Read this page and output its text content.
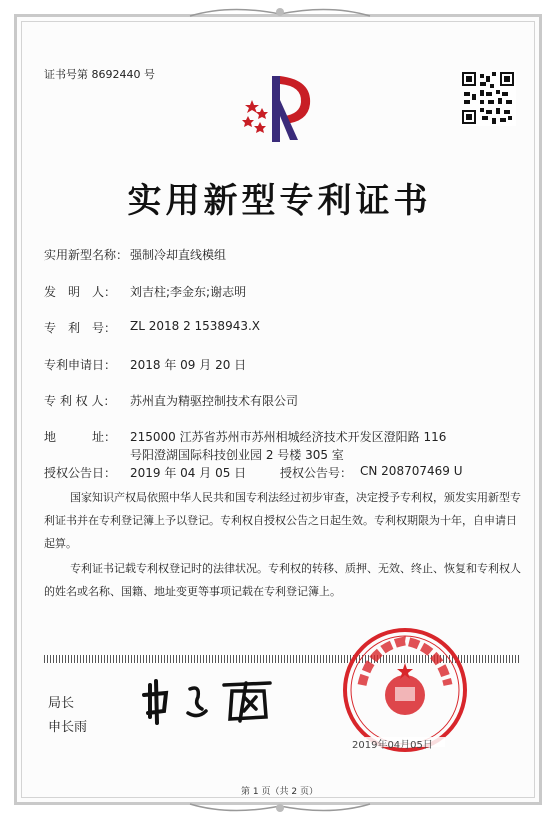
证书号第 8692440 号
实用新型专利证书
实用新型名称： 强制冷却直线模组
发　明　人： 刘吉柱;李金东;谢志明
专　利　号： ZL 2018 2 1538943.X
专利申请日： 2018 年 09 月 20 日
专 利 权 人： 苏州直为精驱控制技术有限公司
地　　　址： 215000 江苏省苏州市苏州相城经济技术开发区澄阳路 116
号阳澄湖国际科技创业园 2 号楼 305 室
授权公告日： 2019 年 04 月 05 日	授权公告号： CN 208707469 U
国家知识产权局依照中华人民共和国专利法经过初步审查，决定授予专利权，颁发实用新型专利证书并在专利登记簿上予以登记。专利权自授权公告之日起生效。专利权期限为十年，自申请日起算。
专利证书记载专利权登记时的法律状况。专利权的转移、质押、无效、终止、恢复和专利权人的姓名或名称、国籍、地址变更等事项记载在专利登记簿上。
局长
申长雨
2019年04月05日
第 1 页（共 2 页）
